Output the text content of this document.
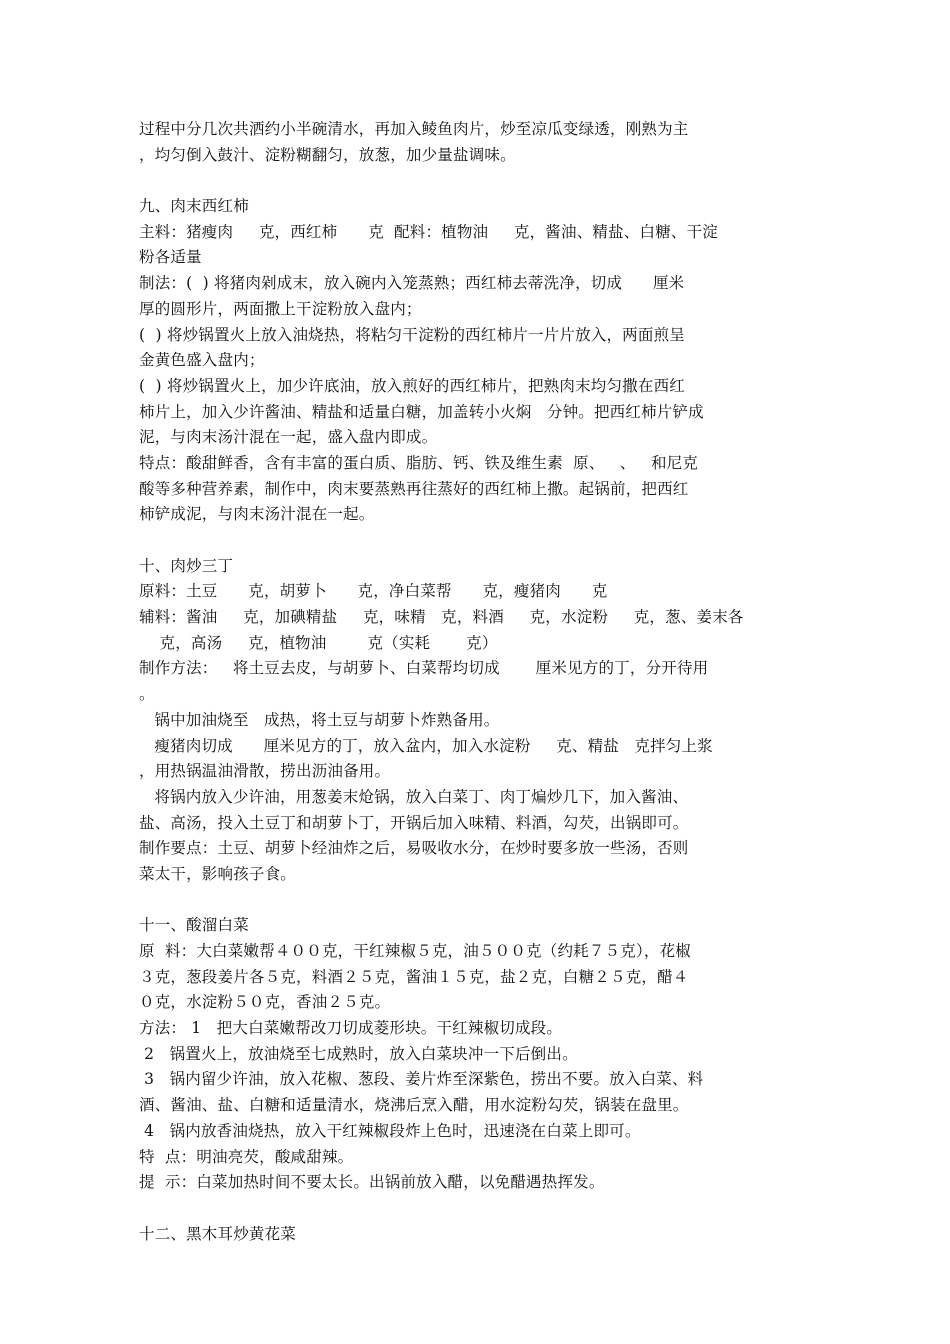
过程中分几次共洒约小半碗清水，再加入鲮鱼肉片，炒至凉瓜变绿透，刚熟为主
，均匀倒入鼓汁、淀粉糊翻匀，放葱，加少量盐调味。
九、肉末西红柿
主料：猪瘦肉     克，西红柿      克  配料：植物油     克，酱油、精盐、白糖、干淀
粉各适量
制法：(  ) 将猪肉剁成末，放入碗内入笼蒸熟；西红柿去蒂洗净，切成      厘米
厚的圆形片，两面撒上干淀粉放入盘内；
(  ) 将炒锅置火上放入油烧热，将粘匀干淀粉的西红柿片一片片放入，两面煎呈
金黄色盛入盘内；
(  ) 将炒锅置火上，加少许底油，放入煎好的西红柿片，把熟肉末均匀撒在西红
柿片上，加入少许酱油、精盐和适量白糖，加盖转小火焖   分钟。把西红柿片铲成
泥，与肉末汤汁混在一起，盛入盘内即成。
特点：酸甜鲜香，含有丰富的蛋白质、脂肪、钙、铁及维生素  原、   、   和尼克
酸等多种营养素，制作中，肉末要蒸熟再往蒸好的西红柿上撒。起锅前，把西红
柿铲成泥，与肉末汤汁混在一起。
十、肉炒三丁
原料：土豆      克，胡萝卜      克，净白菜帮      克，瘦猪肉      克
辅料：酱油     克，加碘精盐     克，味精   克，料酒     克，水淀粉     克，葱、姜末各
克，高汤     克，植物油        克（实耗       克）
制作方法：   将土豆去皮，与胡萝卜、白菜帮均切成       厘米见方的丁，分开待用
。
锅中加油烧至   成热，将土豆与胡萝卜炸熟备用。
瘦猪肉切成      厘米见方的丁，放入盆内，加入水淀粉     克、精盐   克拌匀上浆
，用热锅温油滑散，捞出沥油备用。
将锅内放入少许油，用葱姜末炝锅，放入白菜丁、肉丁煸炒几下，加入酱油、
盐、高汤，投入土豆丁和胡萝卜丁，开锅后加入味精、料酒，勾芡，出锅即可。
制作要点：土豆、胡萝卜经油炸之后，易吸收水分，在炒时要多放一些汤，否则
菜太干，影响孩子食。
十一、酸溜白菜
原  料：大白菜嫩帮４００克，干红辣椒５克，油５００克（约耗７５克），花椒
３克，葱段姜片各５克，料酒２５克，酱油１５克，盐２克，白糖２５克，醋４
０克，水淀粉５０克，香油２５克。
方法： 1   把大白菜嫩帮改刀切成菱形块。干红辣椒切成段。
2   锅置火上，放油烧至七成熟时，放入白菜块冲一下后倒出。
3   锅内留少许油，放入花椒、葱段、姜片炸至深紫色，捞出不要。放入白菜、料
酒、酱油、盐、白糖和适量清水，烧沸后烹入醋，用水淀粉勾芡，锅装在盘里。
4   锅内放香油烧热，放入干红辣椒段炸上色时，迅速浇在白菜上即可。
特  点：明油亮芡，酸咸甜辣。
提  示：白菜加热时间不要太长。出锅前放入醋，以免醋遇热挥发。
十二、黑木耳炒黄花菜
